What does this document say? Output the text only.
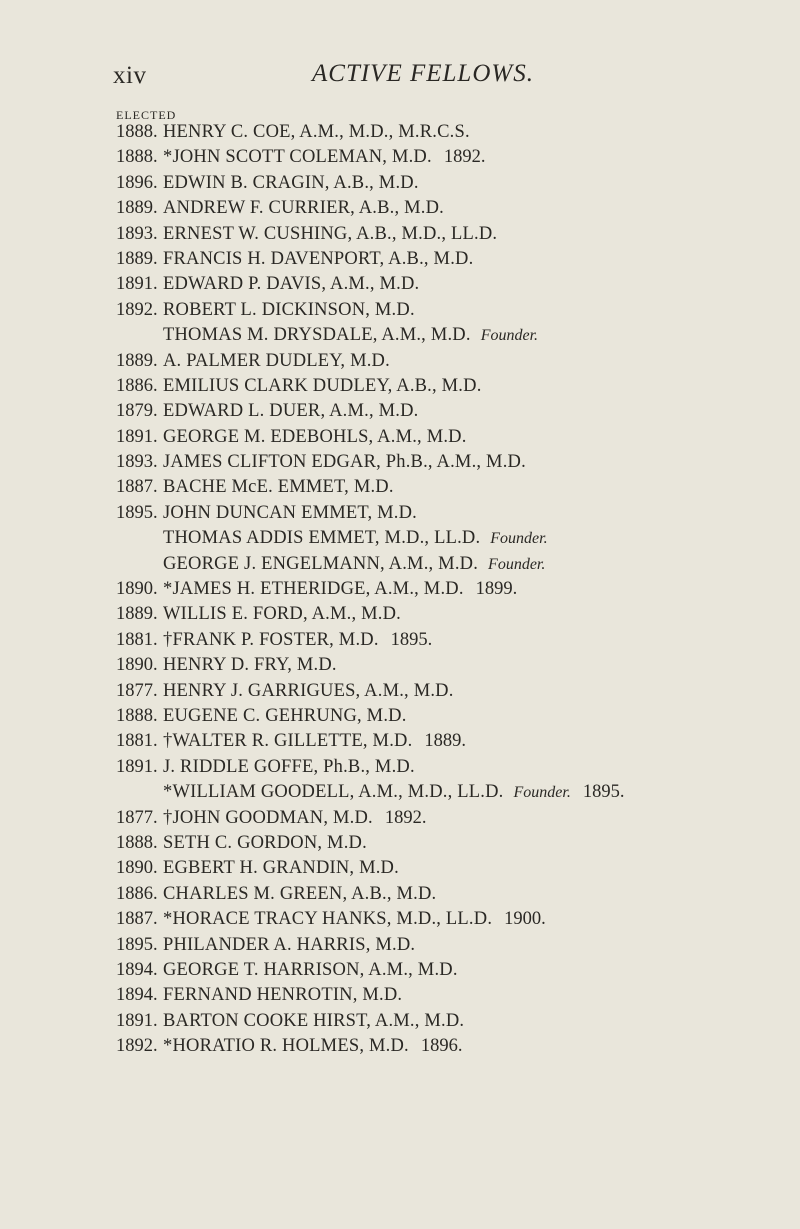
xiv	ACTIVE FELLOWS.
ELECTED
1888. HENRY C. COE, A.M., M.D., M.R.C.S.
1888. *JOHN SCOTT COLEMAN, M.D. 1892.
1896. EDWIN B. CRAGIN, A.B., M.D.
1889. ANDREW F. CURRIER, A.B., M.D.
1893. ERNEST W. CUSHING, A.B., M.D., LL.D.
1889. FRANCIS H. DAVENPORT, A.B., M.D.
1891. EDWARD P. DAVIS, A.M., M.D.
1892. ROBERT L. DICKINSON, M.D.
THOMAS M. DRYSDALE, A.M., M.D. Founder.
1889. A. PALMER DUDLEY, M.D.
1886. EMILIUS CLARK DUDLEY, A.B., M.D.
1879. EDWARD L. DUER, A.M., M.D.
1891. GEORGE M. EDEBOHLS, A.M., M.D.
1893. JAMES CLIFTON EDGAR, Ph.B., A.M., M.D.
1887. BACHE McE. EMMET, M.D.
1895. JOHN DUNCAN EMMET, M.D.
THOMAS ADDIS EMMET, M.D., LL.D. Founder.
GEORGE J. ENGELMANN, A.M., M.D. Founder.
1890. *JAMES H. ETHERIDGE, A.M., M.D. 1899.
1889. WILLIS E. FORD, A.M., M.D.
1881. †FRANK P. FOSTER, M.D. 1895.
1890. HENRY D. FRY, M.D.
1877. HENRY J. GARRIGUES, A.M., M.D.
1888. EUGENE C. GEHRUNG, M.D.
1881. †WALTER R. GILLETTE, M.D. 1889.
1891. J. RIDDLE GOFFE, Ph.B., M.D.
*WILLIAM GOODELL, A.M., M.D., LL.D. Founder. 1895.
1877. †JOHN GOODMAN, M.D. 1892.
1888. SETH C. GORDON, M.D.
1890. EGBERT H. GRANDIN, M.D.
1886. CHARLES M. GREEN, A.B., M.D.
1887. *HORACE TRACY HANKS, M.D., LL.D. 1900.
1895. PHILANDER A. HARRIS, M.D.
1894. GEORGE T. HARRISON, A.M., M.D.
1894. FERNAND HENROTIN, M.D.
1891. BARTON COOKE HIRST, A.M., M.D.
1892. *HORATIO R. HOLMES, M.D. 1896.
